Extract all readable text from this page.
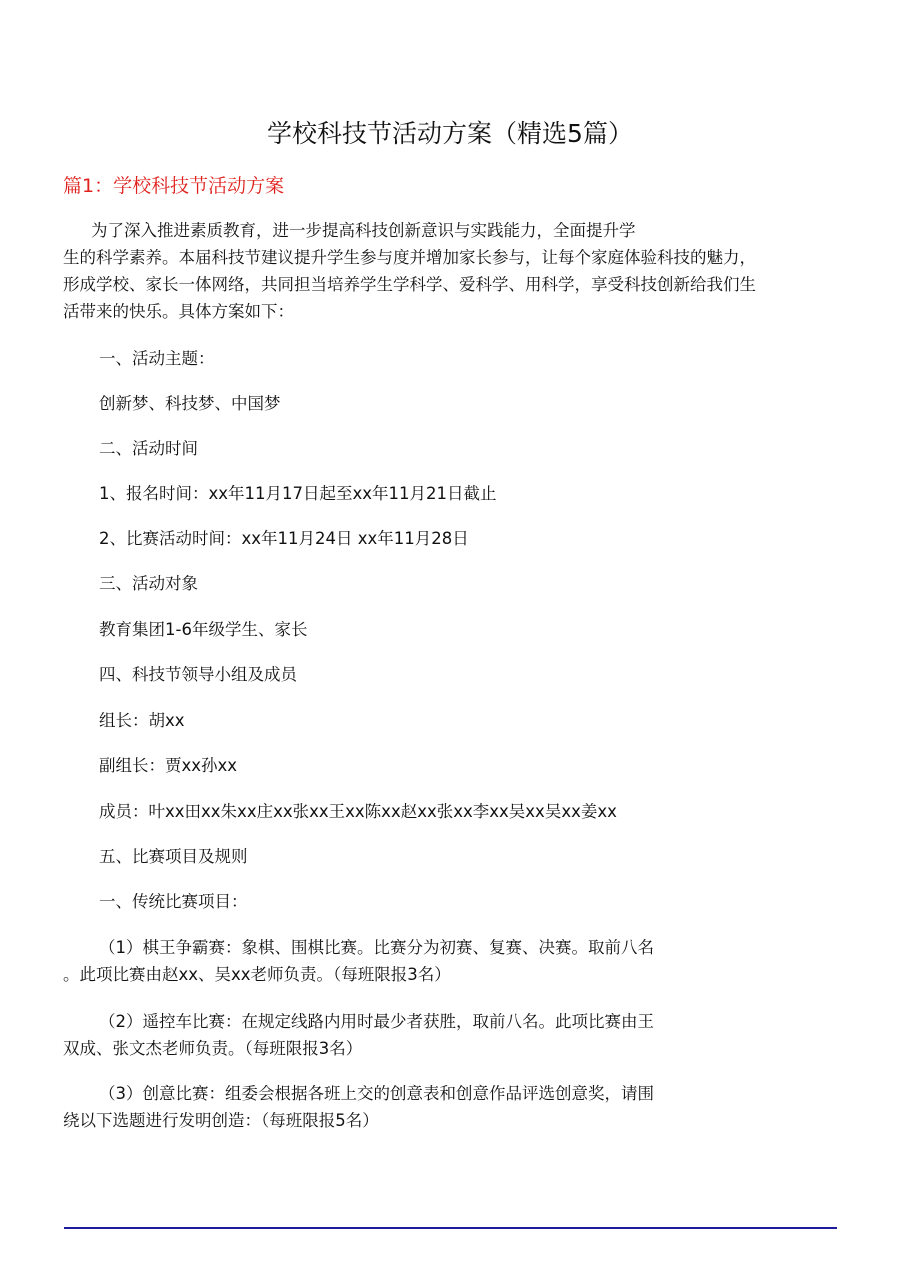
学校科技节活动方案（精选5篇）
篇1：学校科技节活动方案
为了深入推进素质教育，进一步提高科技创新意识与实践能力，全面提升学
生的科学素养。本届科技节建议提升学生参与度并增加家长参与，让每个家庭体验科技的魅力，
形成学校、家长一体网络，共同担当培养学生学科学、爱科学、用科学，享受科技创新给我们生
活带来的快乐。具体方案如下：
一、活动主题：
创新梦、科技梦、中国梦
二、活动时间
1、报名时间：xx年11月17日起至xx年11月21日截止
2、比赛活动时间：xx年11月24日 xx年11月28日
三、活动对象
教育集团1-6年级学生、家长
四、科技节领导小组及成员
组长：胡xx
副组长：贾xx孙xx
成员：叶xx田xx朱xx庄xx张xx王xx陈xx赵xx张xx李xx吴xx吴xx姜xx
五、比赛项目及规则
一、传统比赛项目：
（1）棋王争霸赛：象棋、围棋比赛。比赛分为初赛、复赛、决赛。取前八名
。此项比赛由赵xx、吴xx老师负责。（每班限报3名）
（2）遥控车比赛：在规定线路内用时最少者获胜，取前八名。此项比赛由王
双成、张文杰老师负责。（每班限报3名）
（3）创意比赛：组委会根据各班上交的创意表和创意作品评选创意奖，请围
绕以下选题进行发明创造：（每班限报5名）
